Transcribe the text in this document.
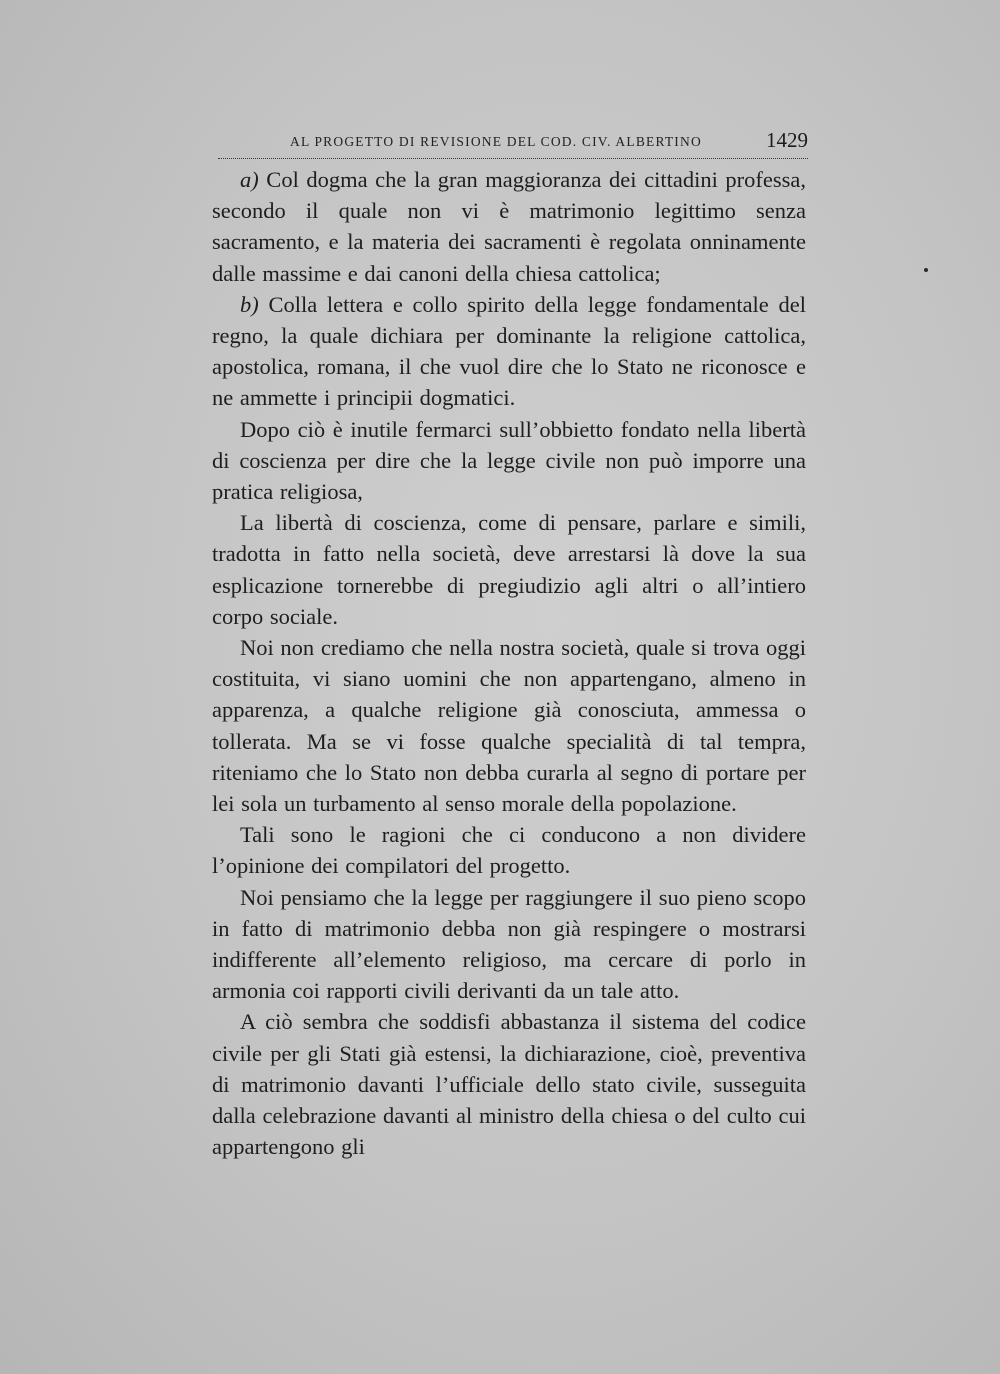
AL PROGETTO DI REVISIONE DEL COD. CIV. ALBERTINO	1429

a) Col dogma che la gran maggioranza dei cittadini professa, secondo il quale non vi è matrimonio legittimo senza sacramento, e la materia dei sacramenti è regolata onninamente dalle massime e dai canoni della chiesa cattolica;

b) Colla lettera e collo spirito della legge fondamentale del regno, la quale dichiara per dominante la religione cattolica, apostolica, romana, il che vuol dire che lo Stato ne riconosce e ne ammette i principii dogmatici.

Dopo ciò è inutile fermarci sull’obbietto fondato nella libertà di coscienza per dire che la legge civile non può imporre una pratica religiosa,

La libertà di coscienza, come di pensare, parlare e simili, tradotta in fatto nella società, deve arrestarsi là dove la sua esplicazione tornerebbe di pregiudizio agli altri o all’intiero corpo sociale.

Noi non crediamo che nella nostra società, quale si trova oggi costituita, vi siano uomini che non appartengano, almeno in apparenza, a qualche religione già conosciuta, ammessa o tollerata. Ma se vi fosse qualche specialità di tal tempra, riteniamo che lo Stato non debba curarla al segno di portare per lei sola un turbamento al senso morale della popolazione.

Tali sono le ragioni che ci conducono a non dividere l’opinione dei compilatori del progetto.

Noi pensiamo che la legge per raggiungere il suo pieno scopo in fatto di matrimonio debba non già respingere o mostrarsi indifferente all’elemento religioso, ma cercare di porlo in armonia coi rapporti civili derivanti da un tale atto.

A ciò sembra che soddisfi abbastanza il sistema del codice civile per gli Stati già estensi, la dichiarazione, cioè, preventiva di matrimonio davanti l’ufficiale dello stato civile, susseguita dalla celebrazione davanti al ministro della chiesa o del culto cui appartengono gli
